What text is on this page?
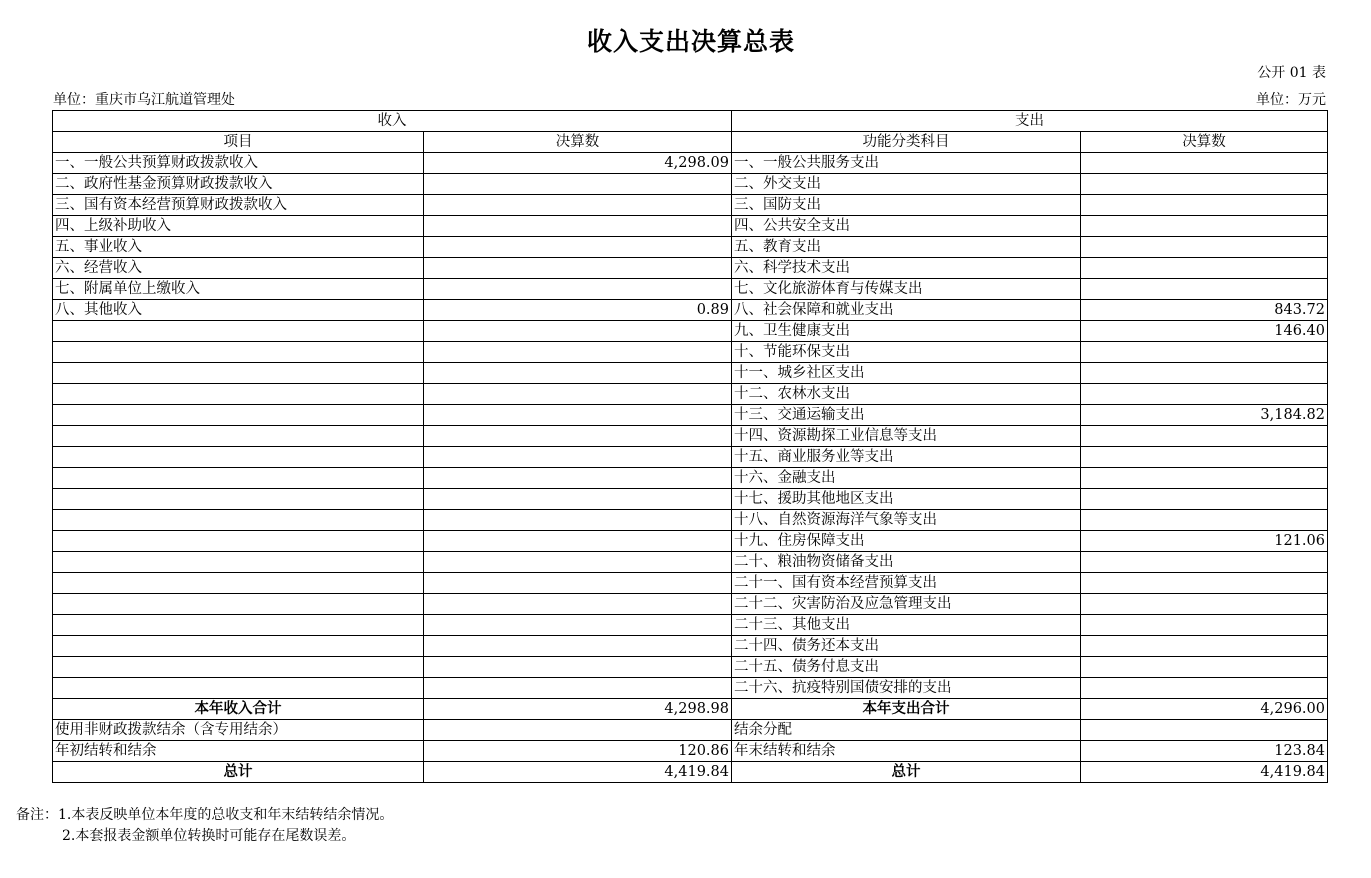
收入支出决算总表
公开 01 表
单位：重庆市乌江航道管理处	单位：万元
收入		支出	
项目	决算数	功能分类科目	决算数
一、一般公共预算财政拨款收入	4,298.09	一、一般公共服务支出	
二、政府性基金预算财政拨款收入		二、外交支出	
三、国有资本经营预算财政拨款收入		三、国防支出	
四、上级补助收入		四、公共安全支出	
五、事业收入		五、教育支出	
六、经营收入		六、科学技术支出	
七、附属单位上缴收入		七、文化旅游体育与传媒支出	
八、其他收入	0.89	八、社会保障和就业支出	843.72
		九、卫生健康支出	146.40
		十、节能环保支出	
		十一、城乡社区支出	
		十二、农林水支出	
		十三、交通运输支出	3,184.82
		十四、资源勘探工业信息等支出	
		十五、商业服务业等支出	
		十六、金融支出	
		十七、援助其他地区支出	
		十八、自然资源海洋气象等支出	
		十九、住房保障支出	121.06
		二十、粮油物资储备支出	
		二十一、国有资本经营预算支出	
		二十二、灾害防治及应急管理支出	
		二十三、其他支出	
		二十四、债务还本支出	
		二十五、债务付息支出	
		二十六、抗疫特别国债安排的支出	
本年收入合计	4,298.98	本年支出合计	4,296.00
使用非财政拨款结余（含专用结余）		结余分配	
年初结转和结余	120.86	年末结转和结余	123.84
总计	4,419.84	总计	4,419.84
备注：1.本表反映单位本年度的总收支和年末结转结余情况。
2.本套报表金额单位转换时可能存在尾数误差。
